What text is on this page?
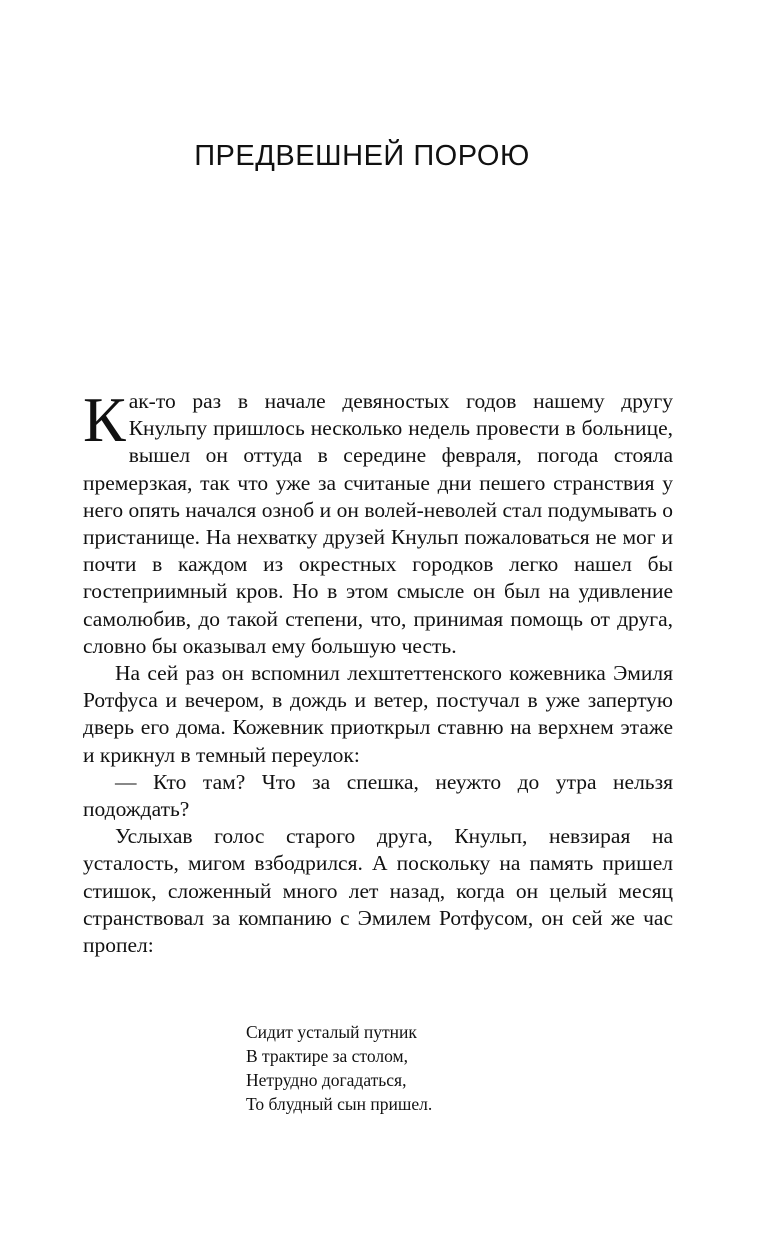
ПРЕДВЕШНЕЙ ПОРОЮ

Как-то раз в начале девяностых годов нашему другу Кнульпу пришлось несколько недель провести в больнице, вышел он оттуда в середине февраля, погода стояла премерзкая, так что уже за считаные дни пешего странствия у него опять начался озноб и он волей-неволей стал подумывать о пристанище. На нехватку друзей Кнульп пожаловаться не мог и почти в каждом из окрестных городков легко нашел бы гостеприимный кров. Но в этом смысле он был на удивление самолюбив, до такой степени, что, принимая помощь от друга, словно бы оказывал ему большую честь.

На сей раз он вспомнил лехштеттенского кожевника Эмиля Ротфуса и вечером, в дождь и ветер, постучал в уже запертую дверь его дома. Кожевник приоткрыл ставню на верхнем этаже и крикнул в темный переулок:

— Кто там? Что за спешка, неужто до утра нельзя подождать?

Услыхав голос старого друга, Кнульп, невзирая на усталость, мигом взбодрился. А поскольку на память пришел стишок, сложенный много лет назад, когда он целый месяц странствовал за компанию с Эмилем Ротфусом, он сей же час пропел:

Сидит усталый путник
В трактире за столом,
Нетрудно догадаться,
То блудный сын пришел.
